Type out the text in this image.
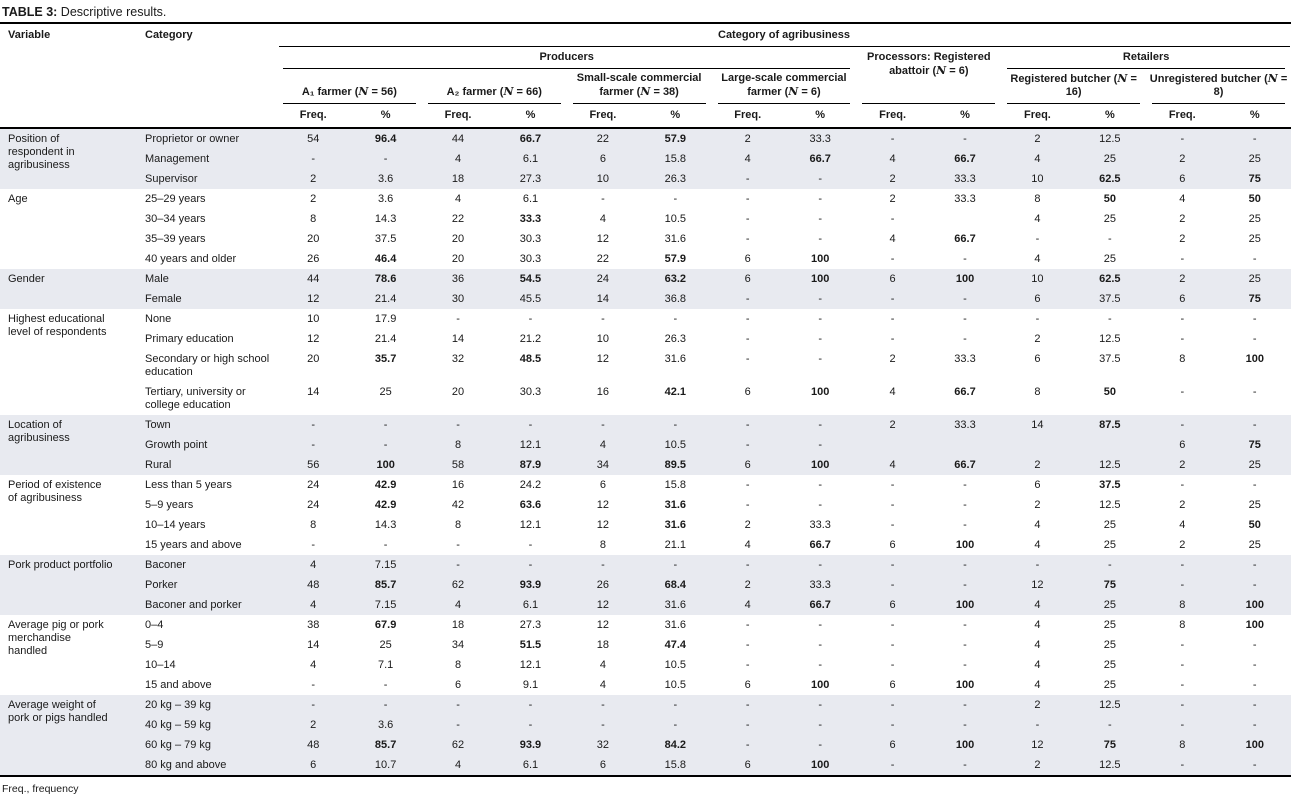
TABLE 3: Descriptive results.
Variable	Category	Category of agribusiness													
		Producers								Processors: Registered abattoir (N = 6)		Retailers			
		A₁ farmer (N = 56)		A₂ farmer (N = 66)		Small-scale commercial farmer (N = 38)		Large-scale commercial farmer (N = 6)				Registered butcher (N = 16)		Unregistered butcher (N = 8)	
		Freq.	%	Freq.	%	Freq.	%	Freq.	%	Freq.	%	Freq.	%	Freq.	%
Position of respondent in agribusiness	Proprietor or owner	54	96.4	44	66.7	22	57.9	2	33.3	-	-	2	12.5	-	-
	Management	-	-	4	6.1	6	15.8	4	66.7	4	66.7	4	25	2	25
	Supervisor	2	3.6	18	27.3	10	26.3	-	-	2	33.3	10	62.5	6	75
Age	25–29 years	2	3.6	4	6.1	-	-	-	-	2	33.3	8	50	4	50
	30–34 years	8	14.3	22	33.3	4	10.5	-	-	-		4	25	2	25
	35–39 years	20	37.5	20	30.3	12	31.6	-	-	4	66.7	-	-	2	25
	40 years and older	26	46.4	20	30.3	22	57.9	6	100	-	-	4	25	-	-
Gender	Male	44	78.6	36	54.5	24	63.2	6	100	6	100	10	62.5	2	25
	Female	12	21.4	30	45.5	14	36.8	-	-	-	-	6	37.5	6	75
Highest educational level of respondents	None	10	17.9	-	-	-	-	-	-	-	-	-	-	-	-
	Primary education	12	21.4	14	21.2	10	26.3	-	-	-	-	2	12.5	-	-
	Secondary or high school education	20	35.7	32	48.5	12	31.6	-	-	2	33.3	6	37.5	8	100
	Tertiary, university or college education	14	25	20	30.3	16	42.1	6	100	4	66.7	8	50	-	-
Location of agribusiness	Town	-	-	-	-	-	-	-	-	2	33.3	14	87.5	-	-
	Growth point	-	-	8	12.1	4	10.5	-	-					6	75
	Rural	56	100	58	87.9	34	89.5	6	100	4	66.7	2	12.5	2	25
Period of existence of agribusiness	Less than 5 years	24	42.9	16	24.2	6	15.8	-	-	-	-	6	37.5	-	-
	5–9 years	24	42.9	42	63.6	12	31.6	-	-	-	-	2	12.5	2	25
	10–14 years	8	14.3	8	12.1	12	31.6	2	33.3	-	-	4	25	4	50
	15 years and above	-	-	-	-	8	21.1	4	66.7	6	100	4	25	2	25
Pork product portfolio	Baconer	4	7.15	-	-	-	-	-	-	-	-	-	-	-	-
	Porker	48	85.7	62	93.9	26	68.4	2	33.3	-	-	12	75	-	-
	Baconer and porker	4	7.15	4	6.1	12	31.6	4	66.7	6	100	4	25	8	100
Average pig or pork merchandise handled	0–4	38	67.9	18	27.3	12	31.6	-	-	-	-	4	25	8	100
	5–9	14	25	34	51.5	18	47.4	-	-	-	-	4	25	-	-
	10–14	4	7.1	8	12.1	4	10.5	-	-	-	-	4	25	-	-
	15 and above	-	-	6	9.1	4	10.5	6	100	6	100	4	25	-	-
Average weight of pork or pigs handled	20 kg – 39 kg	-	-	-	-	-	-	-	-	-	-	2	12.5	-	-
	40 kg – 59 kg	2	3.6	-	-	-	-	-	-	-	-	-	-	-	-
	60 kg – 79 kg	48	85.7	62	93.9	32	84.2	-	-	6	100	12	75	8	100
	80 kg and above	6	10.7	4	6.1	6	15.8	6	100	-	-	2	12.5	-	-
Freq., frequency
